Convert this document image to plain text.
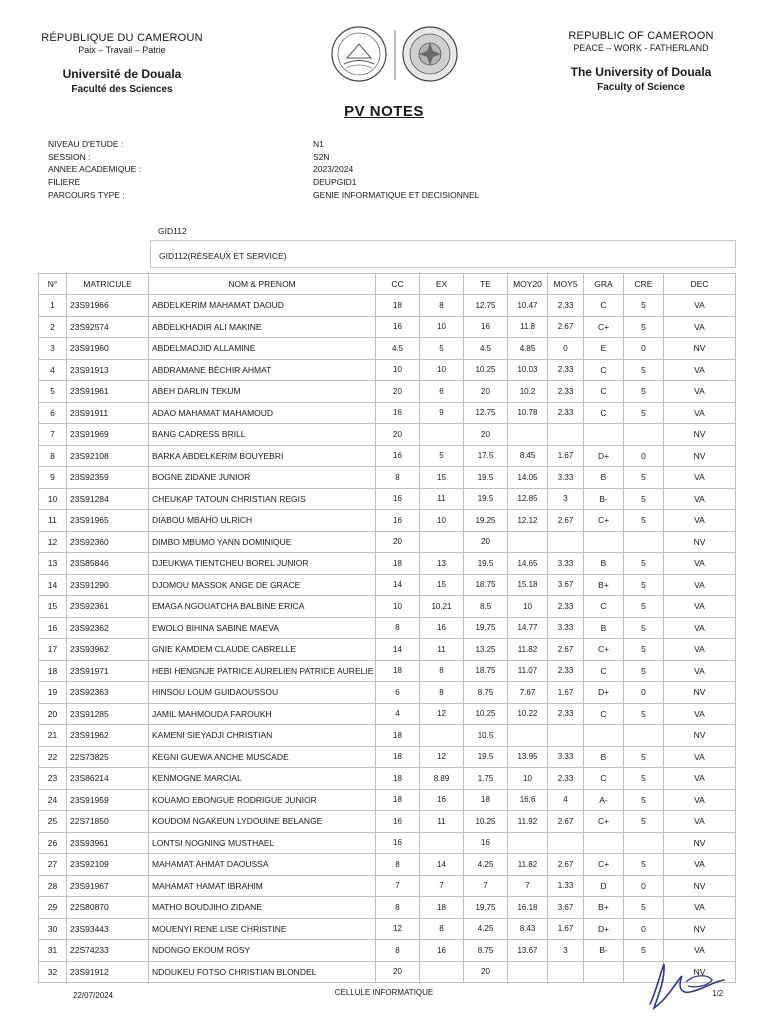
RÉPUBLIQUE DU CAMEROUN
Paix – Travail – Patrie
Université de Douala
Faculté des Sciences
REPUBLIC OF CAMEROON
PEACE – WORK - FATHERLAND
The University of Douala
Faculty of Science
PV NOTES
NIVEAU D'ETUDE :	N1
SESSION :	S2N
ANNEE ACADEMIQUE :	2023/2024
FILIERE	DEUPGID1
PARCOURS TYPE :	GENIE INFORMATIQUE ET DECISIONNEL
GID112
GID112(RÉSEAUX ET SERVICE)
N°	MATRICULE	NOM & PRENOM	CC	EX	TE	MOY20	MOY5	GRA	CRE	DEC
1	23S91966	ABDELKERIM MAHAMAT DAOUD	18	8	12.75	10.47	2.33	C	5	VA
2	23S92574	ABDELKHADIR ALI MAKINE	16	10	16	11.8	2.67	C+	5	VA
3	23S91960	ABDELMADJID ALLAMINE	4.5	5	4.5	4.85	0	E	0	NV
4	23S91913	ABDRAMANE BÉCHIR AHMAT	10	10	10.25	10.03	2.33	C	5	VA
5	23S91961	ABEH DARLIN TEKUM	20	6	20	10.2	2.33	C	5	VA
6	23S91911	ADAO MAHAMAT MAHAMOUD	16	9	12.75	10.78	2.33	C	5	VA
7	23S91969	BANG CADRESS BRILL	20		20					NV
8	23S92108	BARKA ABDELKERIM BOUYEBRI	16	5	17.5	8.45	1.67	D+	0	NV
9	23S92359	BOGNE ZIDANE JUNIOR	8	15	19.5	14.05	3.33	B	5	VA
10	23S91284	CHEUKAP TATOUN CHRISTIAN REGIS	16	11	19.5	12.85	3	B-	5	VA
11	23S91965	DIABOU MBAHO ULRICH	16	10	19.25	12.12	2.67	C+	5	VA
12	23S92360	DIMBO MBUMO YANN DOMINIQUE	20		20					NV
13	23S85846	DJEUKWA TIENTCHEU BOREL JUNIOR	18	13	19.5	14.65	3.33	B	5	VA
14	23S91290	DJOMOU MASSOK ANGE DE GRACE	14	15	18.75	15.18	3.67	B+	5	VA
15	23S92361	EMAGA NGOUATCHA BALBINE ERICA	10	10.21	8.5	10	2.33	C	5	VA
16	23S92362	EWOLO BIHINA SABINE MAEVA	8	16	19.75	14.77	3.33	B	5	VA
17	23S93962	GNIE KAMDEM CLAUDE CABRELLE	14	11	13.25	11.82	2.67	C+	5	VA
18	23S91971	HEBI HENGNJE PATRICE AURELIEN PATRICE AURELIE	18	8	18.75	11.07	2.33	C	5	VA
19	23S92363	HINSOU LOUM GUIDAOUSSOU	6	8	8.75	7.67	1.67	D+	0	NV
20	23S91285	JAMIL MAHMOUDA FAROUKH	4	12	10.25	10.22	2.33	C	5	VA
21	23S91962	KAMENI SIEYADJI CHRISTIAN	18		10.5					NV
22	22S73825	KEGNI GUEWA ANCHE MUSCADE	18	12	19.5	13.95	3.33	B	5	VA
23	23S86214	KENMOGNE MARCIAL	18	8.89	1.75	10	2.33	C	5	VA
24	23S91959	KOUAMO EBONGUE RODRIGUE JUNIOR	18	16	18	16.6	4	A-	5	VA
25	22S71850	KOUDOM NGAKEUN LYDOUINE BELANGE	16	11	10.25	11.92	2.67	C+	5	VA
26	23S93961	LONTSI NOGNING MUSTHAEL	16		16					NV
27	23S92109	MAHAMAT AHMAT DAOUSSA	8	14	4.25	11.82	2.67	C+	5	VA
28	23S91967	MAHAMAT HAMAT IBRAHIM	7	7	7	7	1.33	D	0	NV
29	22S80870	MATHO BOUDJIHO ZIDANE	8	18	19.75	16.18	3.67	B+	5	VA
30	23S93443	MOUENYI RENE LISE CHRISTINE	12	8	4.25	8.43	1.67	D+	0	NV
31	22S74233	NDONGO EKOUM ROSY	8	16	8.75	13.67	3	B-	5	VA
32	23S91912	NDOUKEU FOTSO CHRISTIAN BLONDEL	20		20					NV
22/07/2024	CELLULE INFORMATIQUE	1/2
